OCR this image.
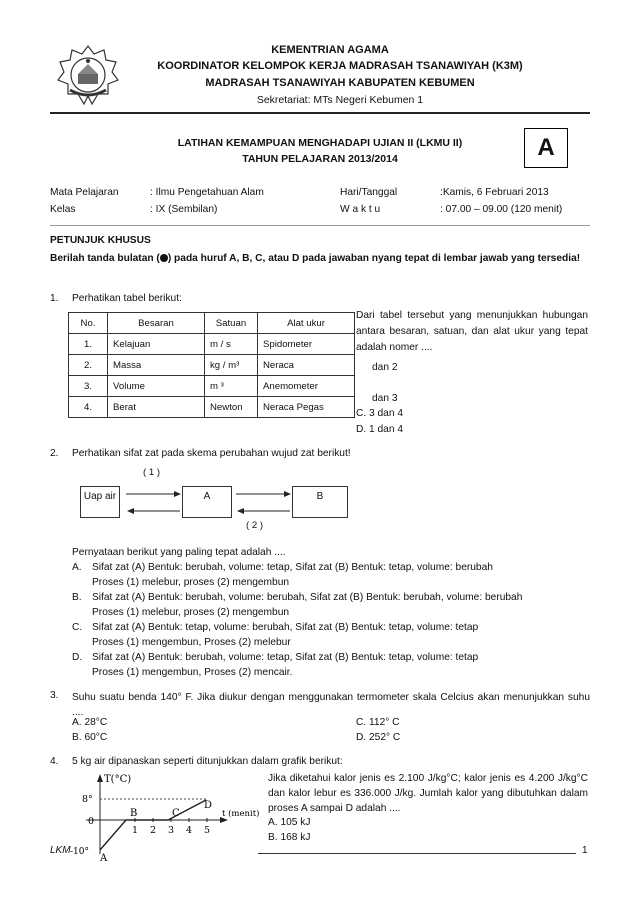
KEMENTRIAN AGAMA
KOORDINATOR KELOMPOK KERJA MADRASAH TSANAWIYAH (K3M)
MADRASAH TSANAWIYAH KABUPATEN KEBUMEN
Sekretariat: MTs Negeri Kebumen 1
LATIHAN KEMAMPUAN MENGHADAPI UJIAN II (LKMU II)
TAHUN PELAJARAN 2013/2014	A
Mata Pelajaran	: Ilmu Pengetahuan Alam
Kelas	: IX (Sembilan)
Hari/Tanggal	:Kamis, 6 Februari 2013
W a k t u	: 07.00 – 09.00 (120 menit)
PETUNJUK KHUSUS
Berilah tanda bulatan ( ) pada huruf A, B, C, atau D pada jawaban nyang tepat di lembar jawab yang tersedia!
1. Perhatikan tabel berikut:
No.	Besaran	Satuan	Alat ukur
1.	Kelajuan	m / s	Spidometer
2.	Massa	kg / m³	Neraca
3.	Volume	m ³	Anemometer
4.	Berat	Newton	Neraca Pegas
Dari tabel tersebut yang menunjukkan hubungan antara besaran, satuan, dan alat ukur yang tepat adalah nomer ....
dan 2
dan 3
C. 3 dan 4
D. 1 dan 4
2. Perhatikan sifat zat pada skema perubahan wujud zat berikut!
( 1 )
Uap air	A	B
( 2 )
Pernyataan berikut yang paling tepat adalah ....
A. Sifat zat (A) Bentuk: berubah, volume: tetap, Sifat zat (B) Bentuk: tetap, volume: berubah
Proses (1) melebur, proses (2) mengembun
B. Sifat zat (A) Bentuk: berubah, volume: berubah, Sifat zat (B) Bentuk: berubah, volume: berubah
Proses (1) melebur, proses (2) mengembun
C. Sifat zat (A) Bentuk: tetap, volume: berubah, Sifat zat (B) Bentuk: tetap, volume: tetap
Proses (1) mengembun, Proses (2) melebur
D. Sifat zat (A) Bentuk: berubah, volume: tetap, Sifat zat (B) Bentuk: tetap, volume: tetap
Proses (1) mengembun, Proses (2) mencair.
3. Suhu suatu benda 140° F. Jika diukur dengan menggunakan termometer skala Celcius akan menunjukkan suhu ....
A. 28°C
B. 60°C
C. 112° C
D. 252° C
4. 5 kg air dipanaskan seperti ditunjukkan dalam grafik berikut:
Jika diketahui kalor jenis es 2.100 J/kg°C; kalor jenis es 4.200 J/kg°C dan kalor lebur es 336.000 J/kg. Jumlah kalor yang dibutuhkan dalam proses A sampai D adalah ....
A. 105 kJ
B. 168 kJ
T(°C)
t (menit)
8°
0
-10°
1 2 3 4 5
A
B	C
D
LKM	1
